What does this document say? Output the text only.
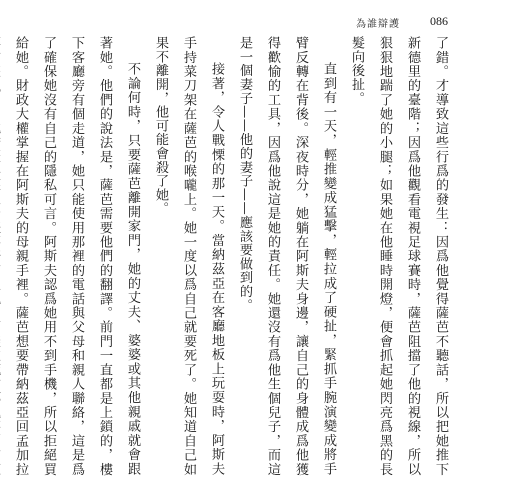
為誰辯護	086

了錯。才導致這些行爲的發生：因爲他覺得薩芭不聽話，所以把她推下新德里的臺階；因爲他觀看電視足球賽時，薩芭阻擋了他的視線，所以狠狠地踹了她的小腿；如果她在他睡時開燈，便會抓起她閃亮爲黑的長髮向後扯。

直到有一天，輕推變成猛擊，輕拉成了硬扯，緊抓手腕演變成將手臂反轉在背後。深夜時分，她躺在阿斯夫身邊，讓自己的身體成爲他獲得歡愉的工具，因爲他說這是她的責任。她還沒有爲他生個兒子，而這是一個妻子——他的妻子——應該要做到的。

接著，令人戰慄的那一天。當納茲亞在客廳地板上玩耍時，阿斯夫手持菜刀架在薩芭的喉嚨上。她一度以爲自己就要死了。她知道自己如果不離開，他可能會殺了她。

不論何時，只要薩芭離開家門，她的丈夫、婆婆或其他親戚就會跟著她。他們的說法是，薩芭需要他們的翻譯。前門一直都是上鎖的，樓下客廳旁有個走道，她只能使用那裡的電話與父母和親人聯絡，這是爲了確保她沒有自己的隱私可言。阿斯夫認爲她用不到手機，所以拒絕買給她。財政大權掌握在阿斯夫的母親手裡。薩芭想要帶納茲亞回孟加拉
